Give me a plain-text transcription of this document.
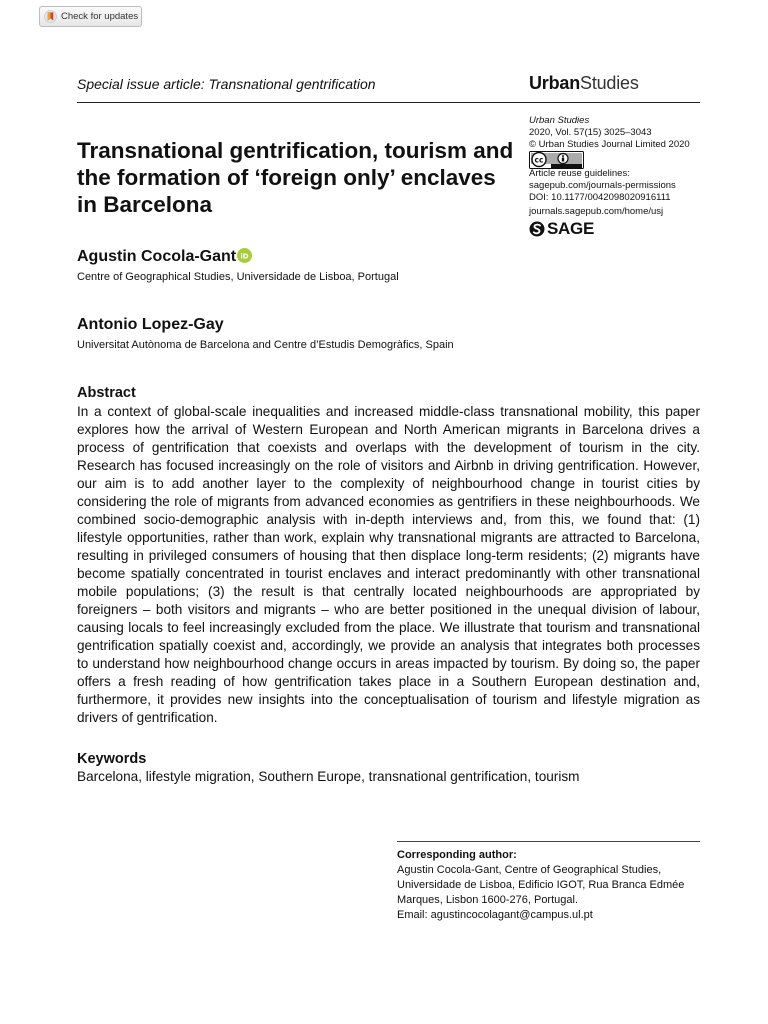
Check for updates
Special issue article: Transnational gentrification	UrbanStudies
Transnational gentrification, tourism and the formation of ‘foreign only’ enclaves in Barcelona
Urban Studies
2020, Vol. 57(15) 3025–3043
© Urban Studies Journal Limited 2020
cc
Article reuse guidelines:
sagepub.com/journals-permissions
DOI: 10.1177/0042098020916111
journals.sagepub.com/home/usj
SAGE
Agustin Cocola-Gant iD
Centre of Geographical Studies, Universidade de Lisboa, Portugal
Antonio Lopez-Gay
Universitat Autònoma de Barcelona and Centre d’Estudis Demogràfics, Spain
Abstract

In a context of global-scale inequalities and increased middle-class transnational mobility, this paper explores how the arrival of Western European and North American migrants in Barcelona drives a process of gentrification that coexists and overlaps with the development of tourism in the city. Research has focused increasingly on the role of visitors and Airbnb in driving gentrification. However, our aim is to add another layer to the complexity of neighbourhood change in tourist cities by considering the role of migrants from advanced economies as gentrifiers in these neighbourhoods. We combined socio-demographic analysis with in-depth interviews and, from this, we found that: (1) lifestyle opportunities, rather than work, explain why transnational migrants are attracted to Barcelona, resulting in privileged consumers of housing that then displace long-term residents; (2) migrants have become spatially concentrated in tourist enclaves and interact predominantly with other transnational mobile populations; (3) the result is that centrally located neighbourhoods are appropriated by foreigners – both visitors and migrants – who are better positioned in the unequal division of labour, causing locals to feel increasingly excluded from the place. We illustrate that tourism and transnational gentrification spatially coexist and, accordingly, we provide an analysis that integrates both processes to understand how neighbourhood change occurs in areas impacted by tourism. By doing so, the paper offers a fresh reading of how gentrification takes place in a Southern European destination and, furthermore, it provides new insights into the conceptualisation of tourism and lifestyle migration as drivers of gentrification.

Keywords
Barcelona, lifestyle migration, Southern Europe, transnational gentrification, tourism
Corresponding author:
Agustin Cocola-Gant, Centre of Geographical Studies,
Universidade de Lisboa, Edificio IGOT, Rua Branca Edmée
Marques, Lisbon 1600-276, Portugal.
Email: agustincocolagant@campus.ul.pt
